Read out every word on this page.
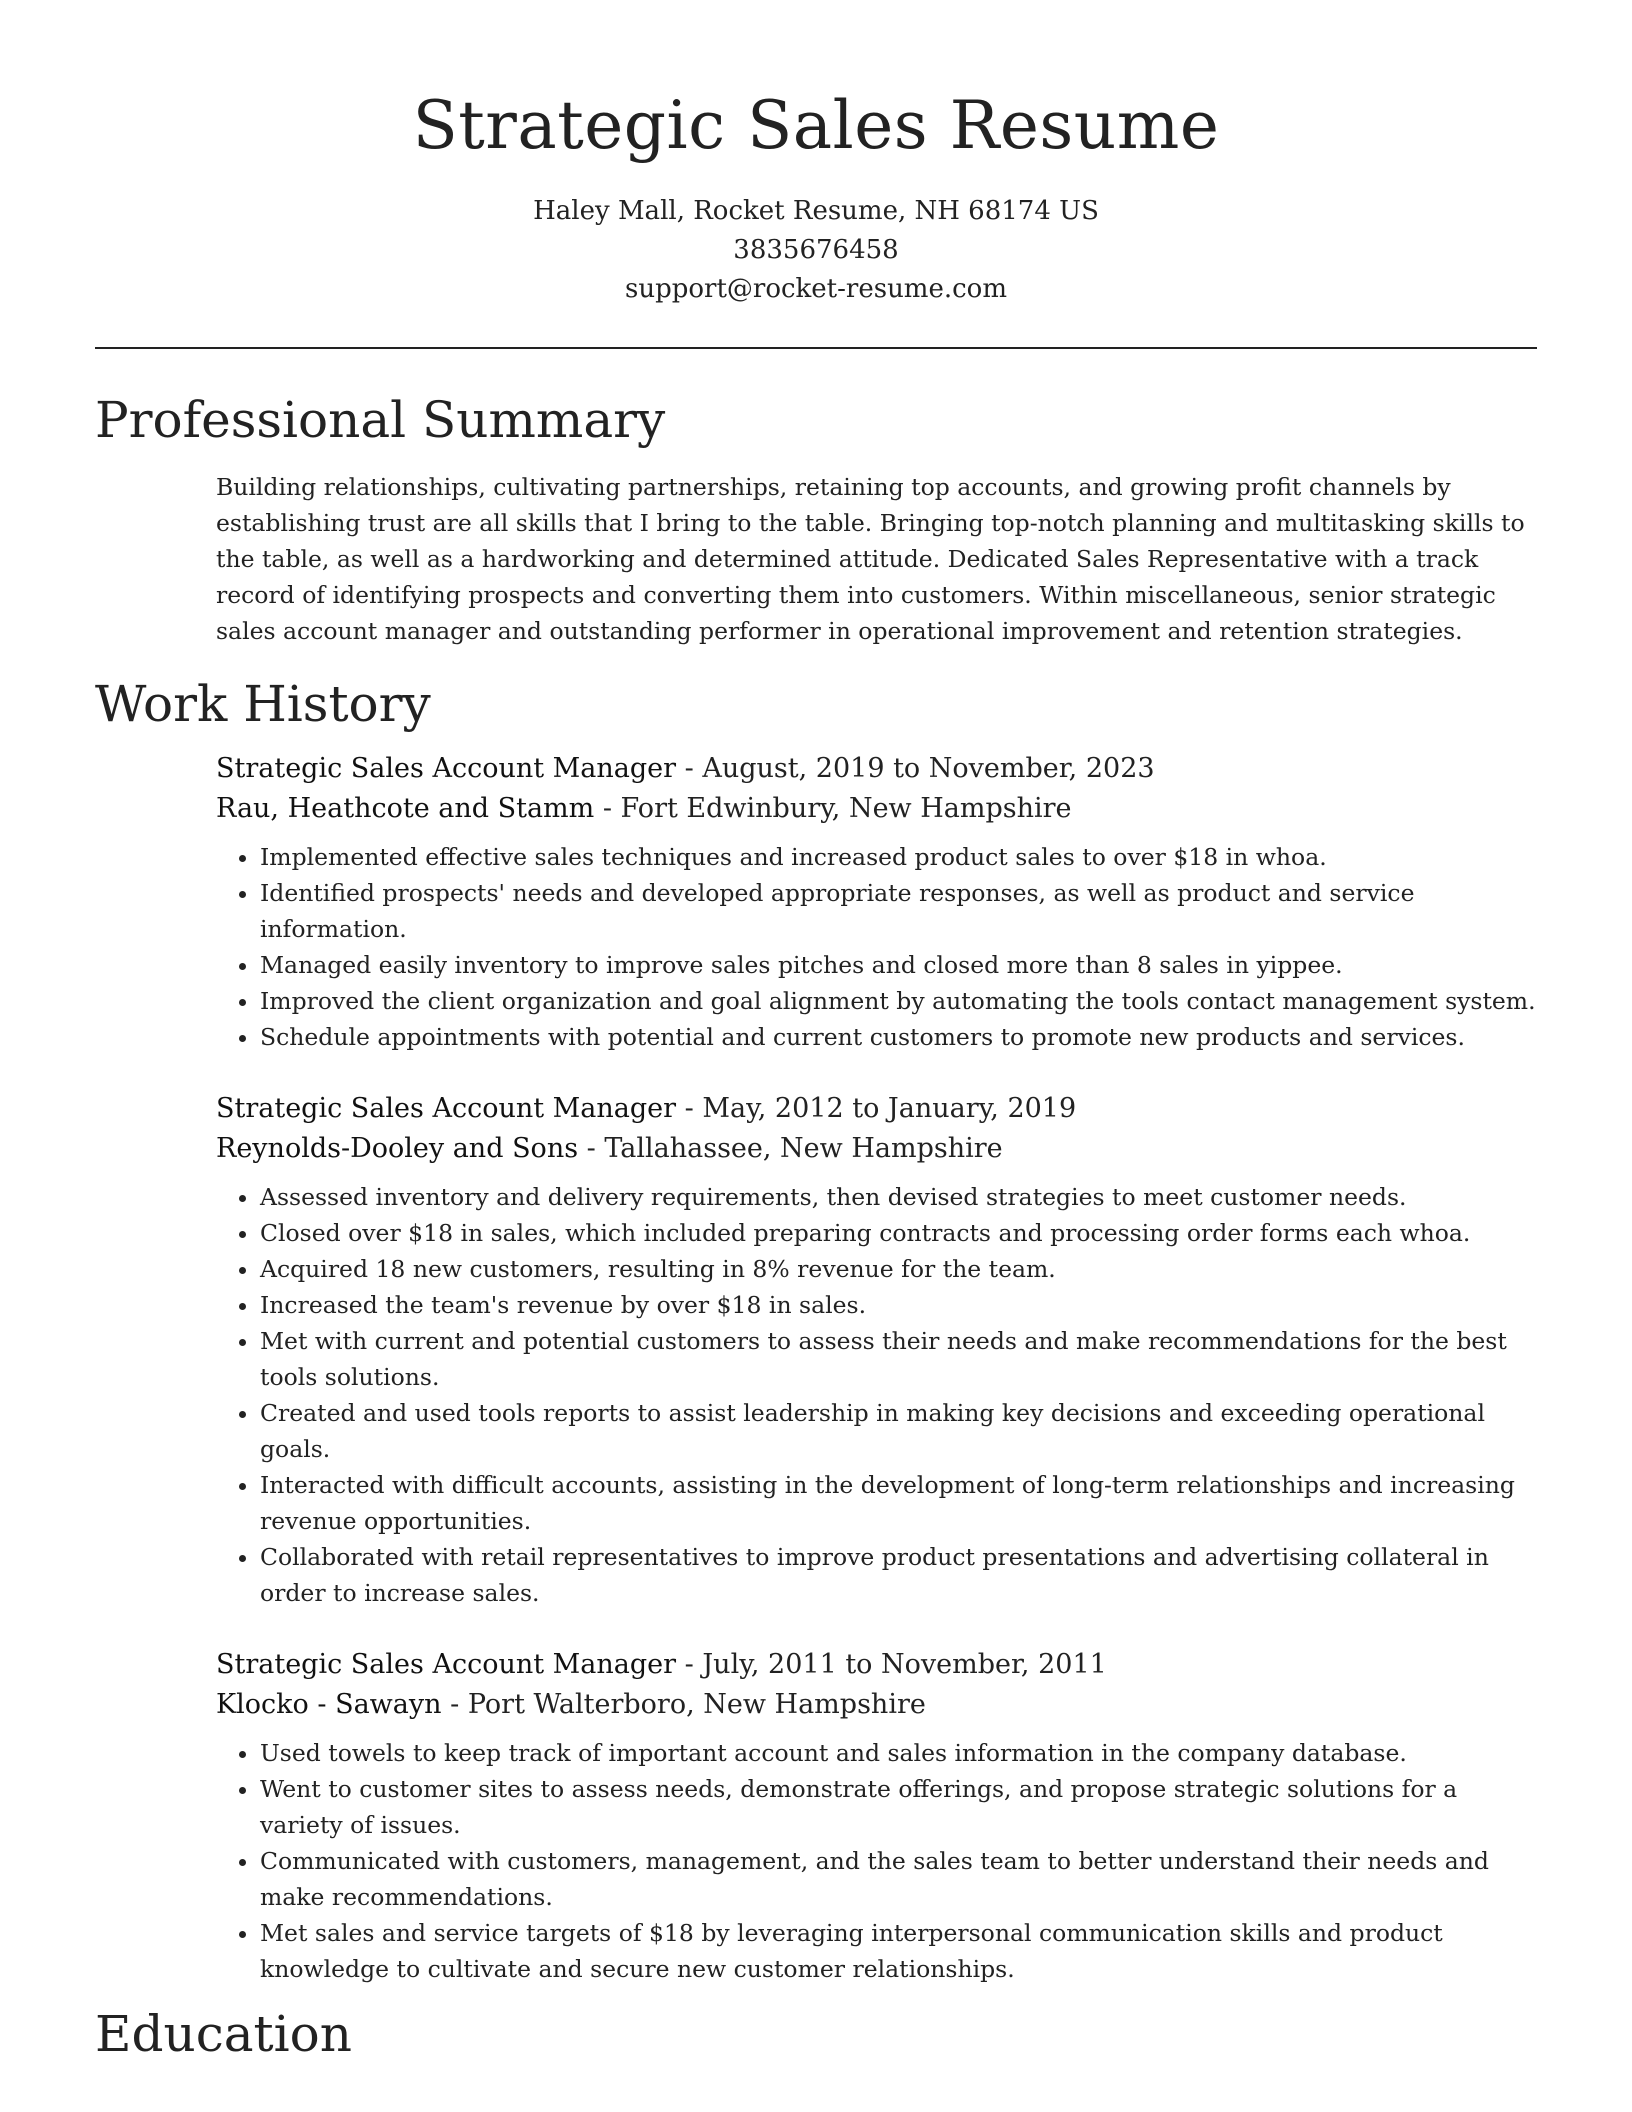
Strategic Sales Resume
Haley Mall, Rocket Resume, NH 68174 US
3835676458
support@rocket-resume.com
Professional Summary

Building relationships, cultivating partnerships, retaining top accounts, and growing profit channels by establishing trust are all skills that I bring to the table. Bringing top-notch planning and multitasking skills to the table, as well as a hardworking and determined attitude. Dedicated Sales Representative with a track record of identifying prospects and converting them into customers. Within miscellaneous, senior strategic sales account manager and outstanding performer in operational improvement and retention strategies.

Work History
Strategic Sales Account Manager - August, 2019 to November, 2023
Rau, Heathcote and Stamm - Fort Edwinbury, New Hampshire
• Implemented effective sales techniques and increased product sales to over $18 in whoa.
• Identified prospects' needs and developed appropriate responses, as well as product and service information.
• Managed easily inventory to improve sales pitches and closed more than 8 sales in yippee.
• Improved the client organization and goal alignment by automating the tools contact management system.
• Schedule appointments with potential and current customers to promote new products and services.
Strategic Sales Account Manager - May, 2012 to January, 2019
Reynolds-Dooley and Sons - Tallahassee, New Hampshire
• Assessed inventory and delivery requirements, then devised strategies to meet customer needs.
• Closed over $18 in sales, which included preparing contracts and processing order forms each whoa.
• Acquired 18 new customers, resulting in 8% revenue for the team.
• Increased the team's revenue by over $18 in sales.
• Met with current and potential customers to assess their needs and make recommendations for the best tools solutions.
• Created and used tools reports to assist leadership in making key decisions and exceeding operational goals.
• Interacted with difficult accounts, assisting in the development of long-term relationships and increasing revenue opportunities.
• Collaborated with retail representatives to improve product presentations and advertising collateral in order to increase sales.
Strategic Sales Account Manager - July, 2011 to November, 2011
Klocko - Sawayn - Port Walterboro, New Hampshire
• Used towels to keep track of important account and sales information in the company database.
• Went to customer sites to assess needs, demonstrate offerings, and propose strategic solutions for a variety of issues.
• Communicated with customers, management, and the sales team to better understand their needs and make recommendations.
• Met sales and service targets of $18 by leveraging interpersonal communication skills and product knowledge to cultivate and secure new customer relationships.
Education
